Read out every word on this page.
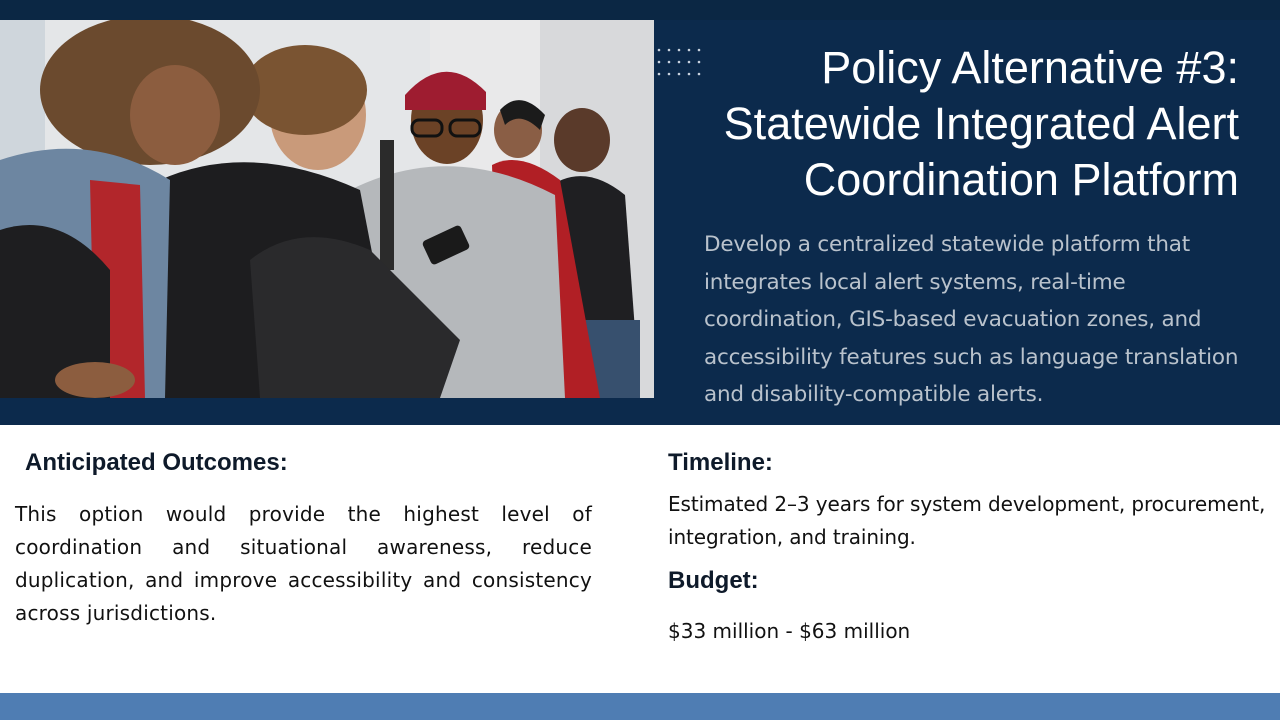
Policy Alternative #3:
Statewide Integrated Alert
Coordination Platform

Develop a centralized statewide platform that
integrates local alert systems, real-time
coordination, GIS-based evacuation zones, and
accessibility features such as language translation
and disability-compatible alerts.

Anticipated Outcomes:

This option would provide the highest level of coordination and situational awareness, reduce duplication, and improve accessibility and consistency across jurisdictions.

Timeline:

Estimated 2–3 years for system development, procurement, integration, and training.

Budget:

$33 million - $63 million
